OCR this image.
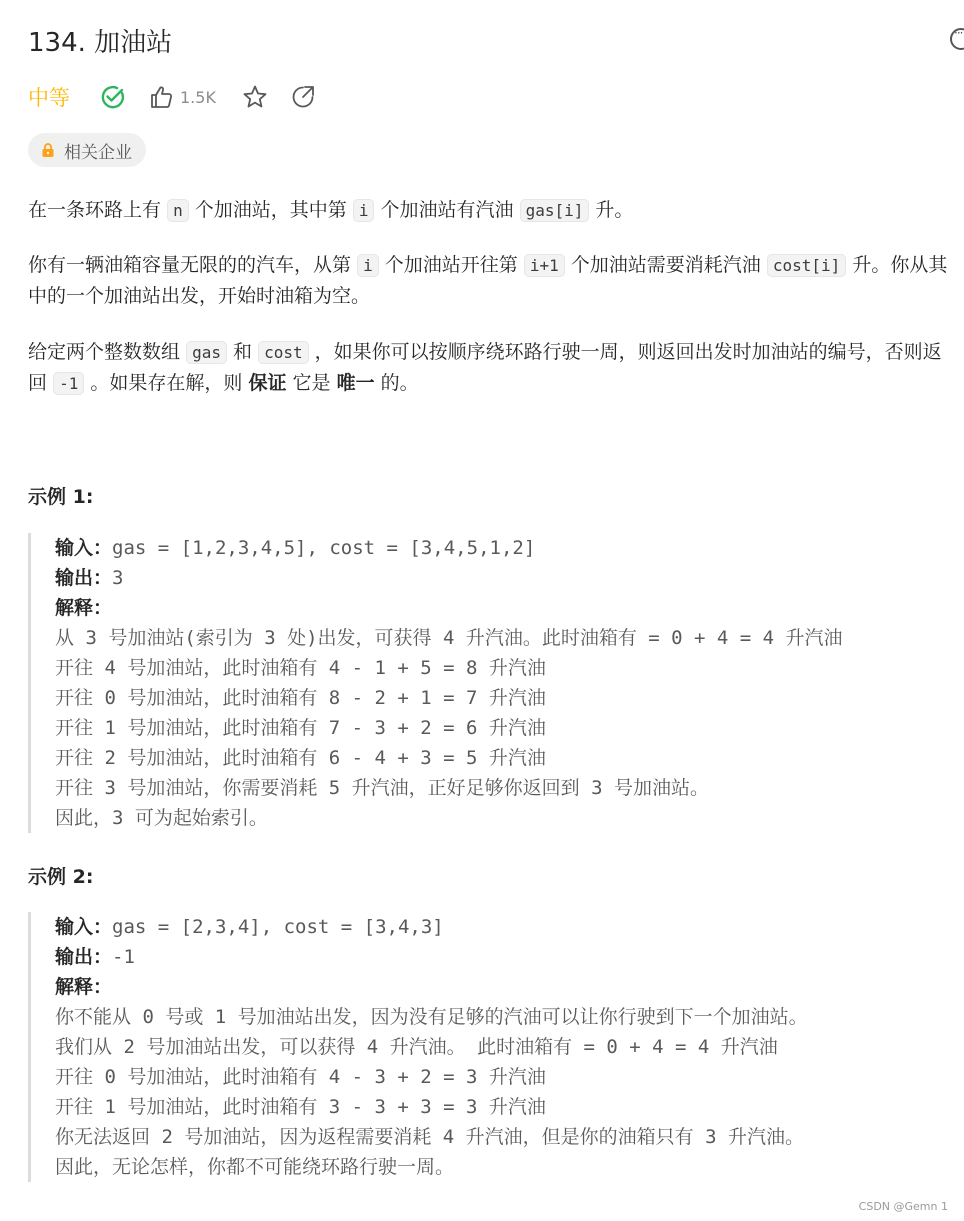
134. 加油站
···
中等	1.5K
相关企业

在一条环路上有 n 个加油站，其中第 i 个加油站有汽油 gas[i] 升。

你有一辆油箱容量无限的的汽车，从第 i 个加油站开往第 i+1 个加油站需要消耗汽油 cost[i] 升。你从其中的一个加油站出发，开始时油箱为空。

给定两个整数数组 gas 和 cost ，如果你可以按顺序绕环路行驶一周，则返回出发时加油站的编号，否则返回 -1 。如果存在解，则 保证 它是 唯一 的。

示例 1:
输入：gas = [1,2,3,4,5], cost = [3,4,5,1,2]
输出：3
解释：
从 3 号加油站(索引为 3 处)出发，可获得 4 升汽油。此时油箱有 = 0 + 4 = 4 升汽油
开往 4 号加油站，此时油箱有 4 - 1 + 5 = 8 升汽油
开往 0 号加油站，此时油箱有 8 - 2 + 1 = 7 升汽油
开往 1 号加油站，此时油箱有 7 - 3 + 2 = 6 升汽油
开往 2 号加油站，此时油箱有 6 - 4 + 3 = 5 升汽油
开往 3 号加油站，你需要消耗 5 升汽油，正好足够你返回到 3 号加油站。
因此，3 可为起始索引。
示例 2:
输入：gas = [2,3,4], cost = [3,4,3]
输出：-1
解释：
你不能从 0 号或 1 号加油站出发，因为没有足够的汽油可以让你行驶到下一个加油站。
我们从 2 号加油站出发，可以获得 4 升汽油。 此时油箱有 = 0 + 4 = 4 升汽油
开往 0 号加油站，此时油箱有 4 - 3 + 2 = 3 升汽油
开往 1 号加油站，此时油箱有 3 - 3 + 3 = 3 升汽油
你无法返回 2 号加油站，因为返程需要消耗 4 升汽油，但是你的油箱只有 3 升汽油。
因此，无论怎样，你都不可能绕环路行驶一周。
CSDN @Gemn 1
